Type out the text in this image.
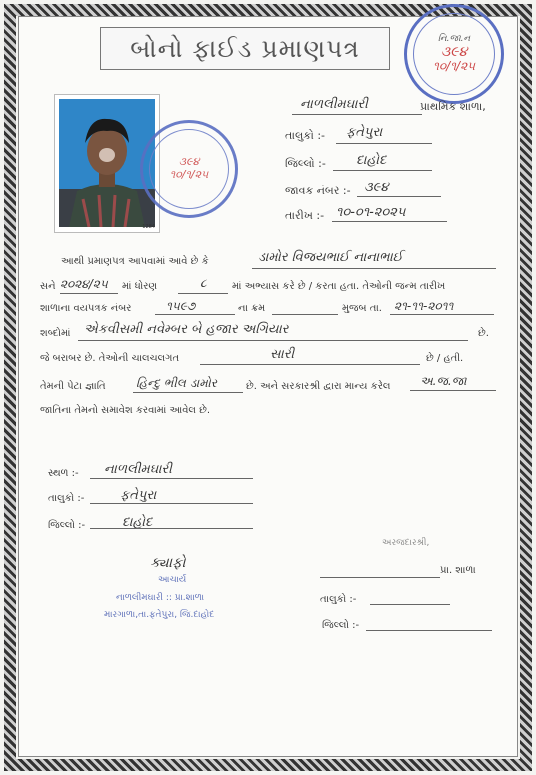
બોનો ફાઈડ પ્રમાણપત્ર	નિ.જા.ન
૩૯૪
૧૦/૧/૨૫
1284
૩૯૪
૧૦/૧/૨૫
નાળલીમઘારી	પ્રાથમિક શાળા,
તાલુકો :- ફતેપુરા
જિલ્લો :- દાહોદ
જાવક નંબર :- ૩૯૪
તારીખ :- ૧૦-૦૧-૨૦૨૫
આથી પ્રમાણપત્ર આપવામાં આવે છે કે	ડામોર વિજયભાઈ નાનાભાઈ
સને ૨૦૨૪/૨૫ માં ધોરણ	૮	માં અભ્યાસ કરે છે / કરતા હતા. તેઓની જન્મ તારીખ
શાળાના વયપત્રક નંબર	૧૫૯૭	ના ક્રમ	મુજબ તા. ૨૧-૧૧-૨૦૧૧
શબ્દોમાં એકવીસમી નવેમ્બર બે હજાર અગિયાર	છે.
જે બરાબર છે. તેઓની ચાલચલગત	સારી	છે / હતી.
તેમની પેટા જ્ઞાતિ	હિન્દુ ભીલ ડામોર	છે. અને સરકારશ્રી દ્વારા માન્ય કરેલ અ.જ.જા
જાતિના તેમનો સમાવેશ કરવામાં આવેલ છે.
સ્થળ :- નાળલીમઘારી
તાલુકો :-	ફતેપુરા
જિલ્લો :-	દાહોદ
ક્યાફો
આચાર્ય
નાળલીમઘારી :: પ્રા.શાળા
મારગાળા,તા.ફતેપુરા, જિ.દાહોદ
અરજદારશ્રી,
પ્રા. શાળા
તાલુકો :-
જિલ્લો :-
